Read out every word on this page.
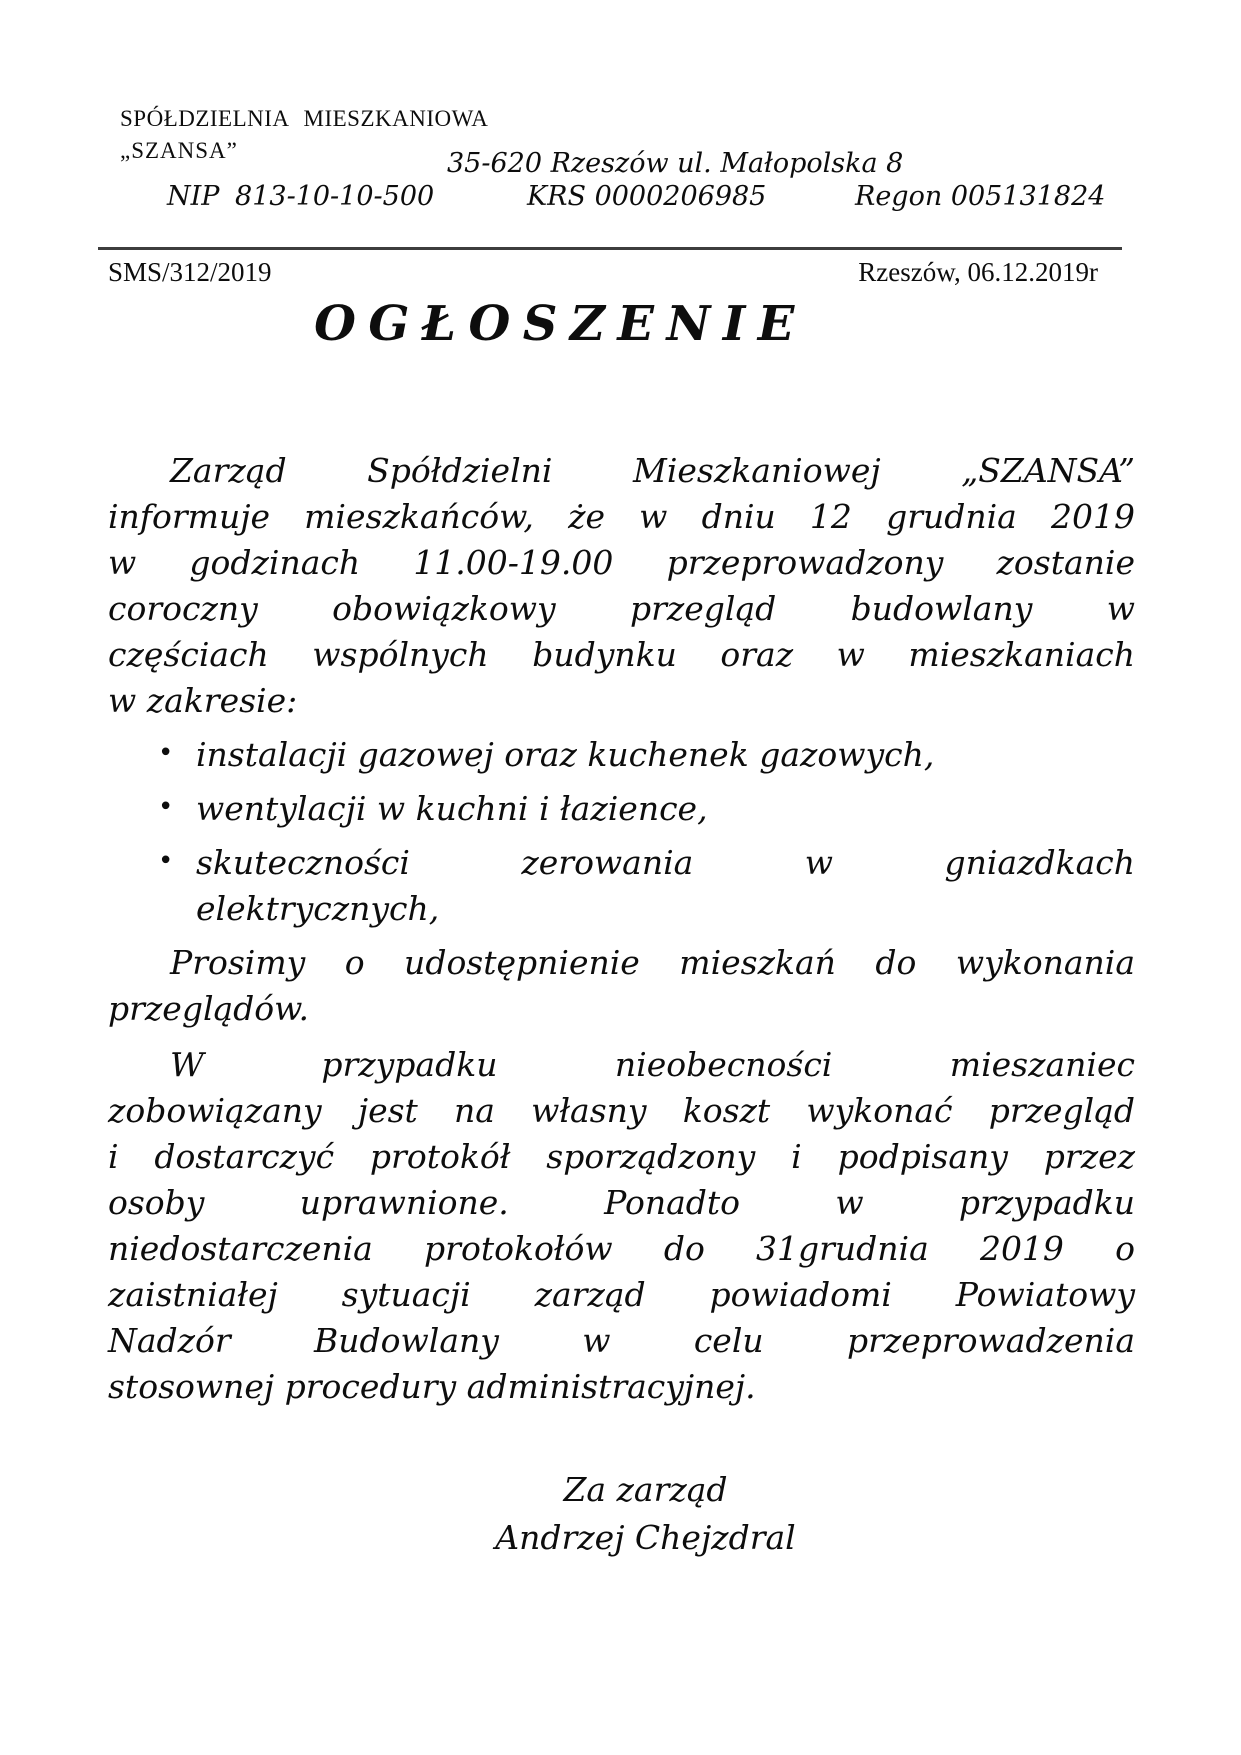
SPÓŁDZIELNIA MIESZKANIOWA
„SZANSA”	35-620 Rzeszów ul. Małopolska 8
NIP 813-10-10-500	KRS 0000206985	Regon 005131824
SMS/312/2019	Rzeszów, 06.12.2019r
OGŁOSZENIE
Zarząd Spółdzielni Mieszkaniowej „SZANSA”
informuje mieszkańców, że w dniu 12 grudnia 2019
w godzinach 11.00-19.00 przeprowadzony zostanie
coroczny obowiązkowy przegląd budowlany w
częściach wspólnych budynku oraz w mieszkaniach
w zakresie:
• instalacji gazowej oraz kuchenek gazowych,
• wentylacji w kuchni i łazience,
• skuteczności zerowania w gniazdkach
elektrycznych,
Prosimy o udostępnienie mieszkań do wykonania
przeglądów.
W przypadku nieobecności mieszaniec
zobowiązany jest na własny koszt wykonać przegląd
i dostarczyć protokół sporządzony i podpisany przez
osoby uprawnione. Ponadto w przypadku
niedostarczenia protokołów do 31grudnia 2019 o
zaistniałej sytuacji zarząd powiadomi Powiatowy
Nadzór Budowlany w celu przeprowadzenia
stosownej procedury administracyjnej.
Za zarząd
Andrzej Chejzdral
